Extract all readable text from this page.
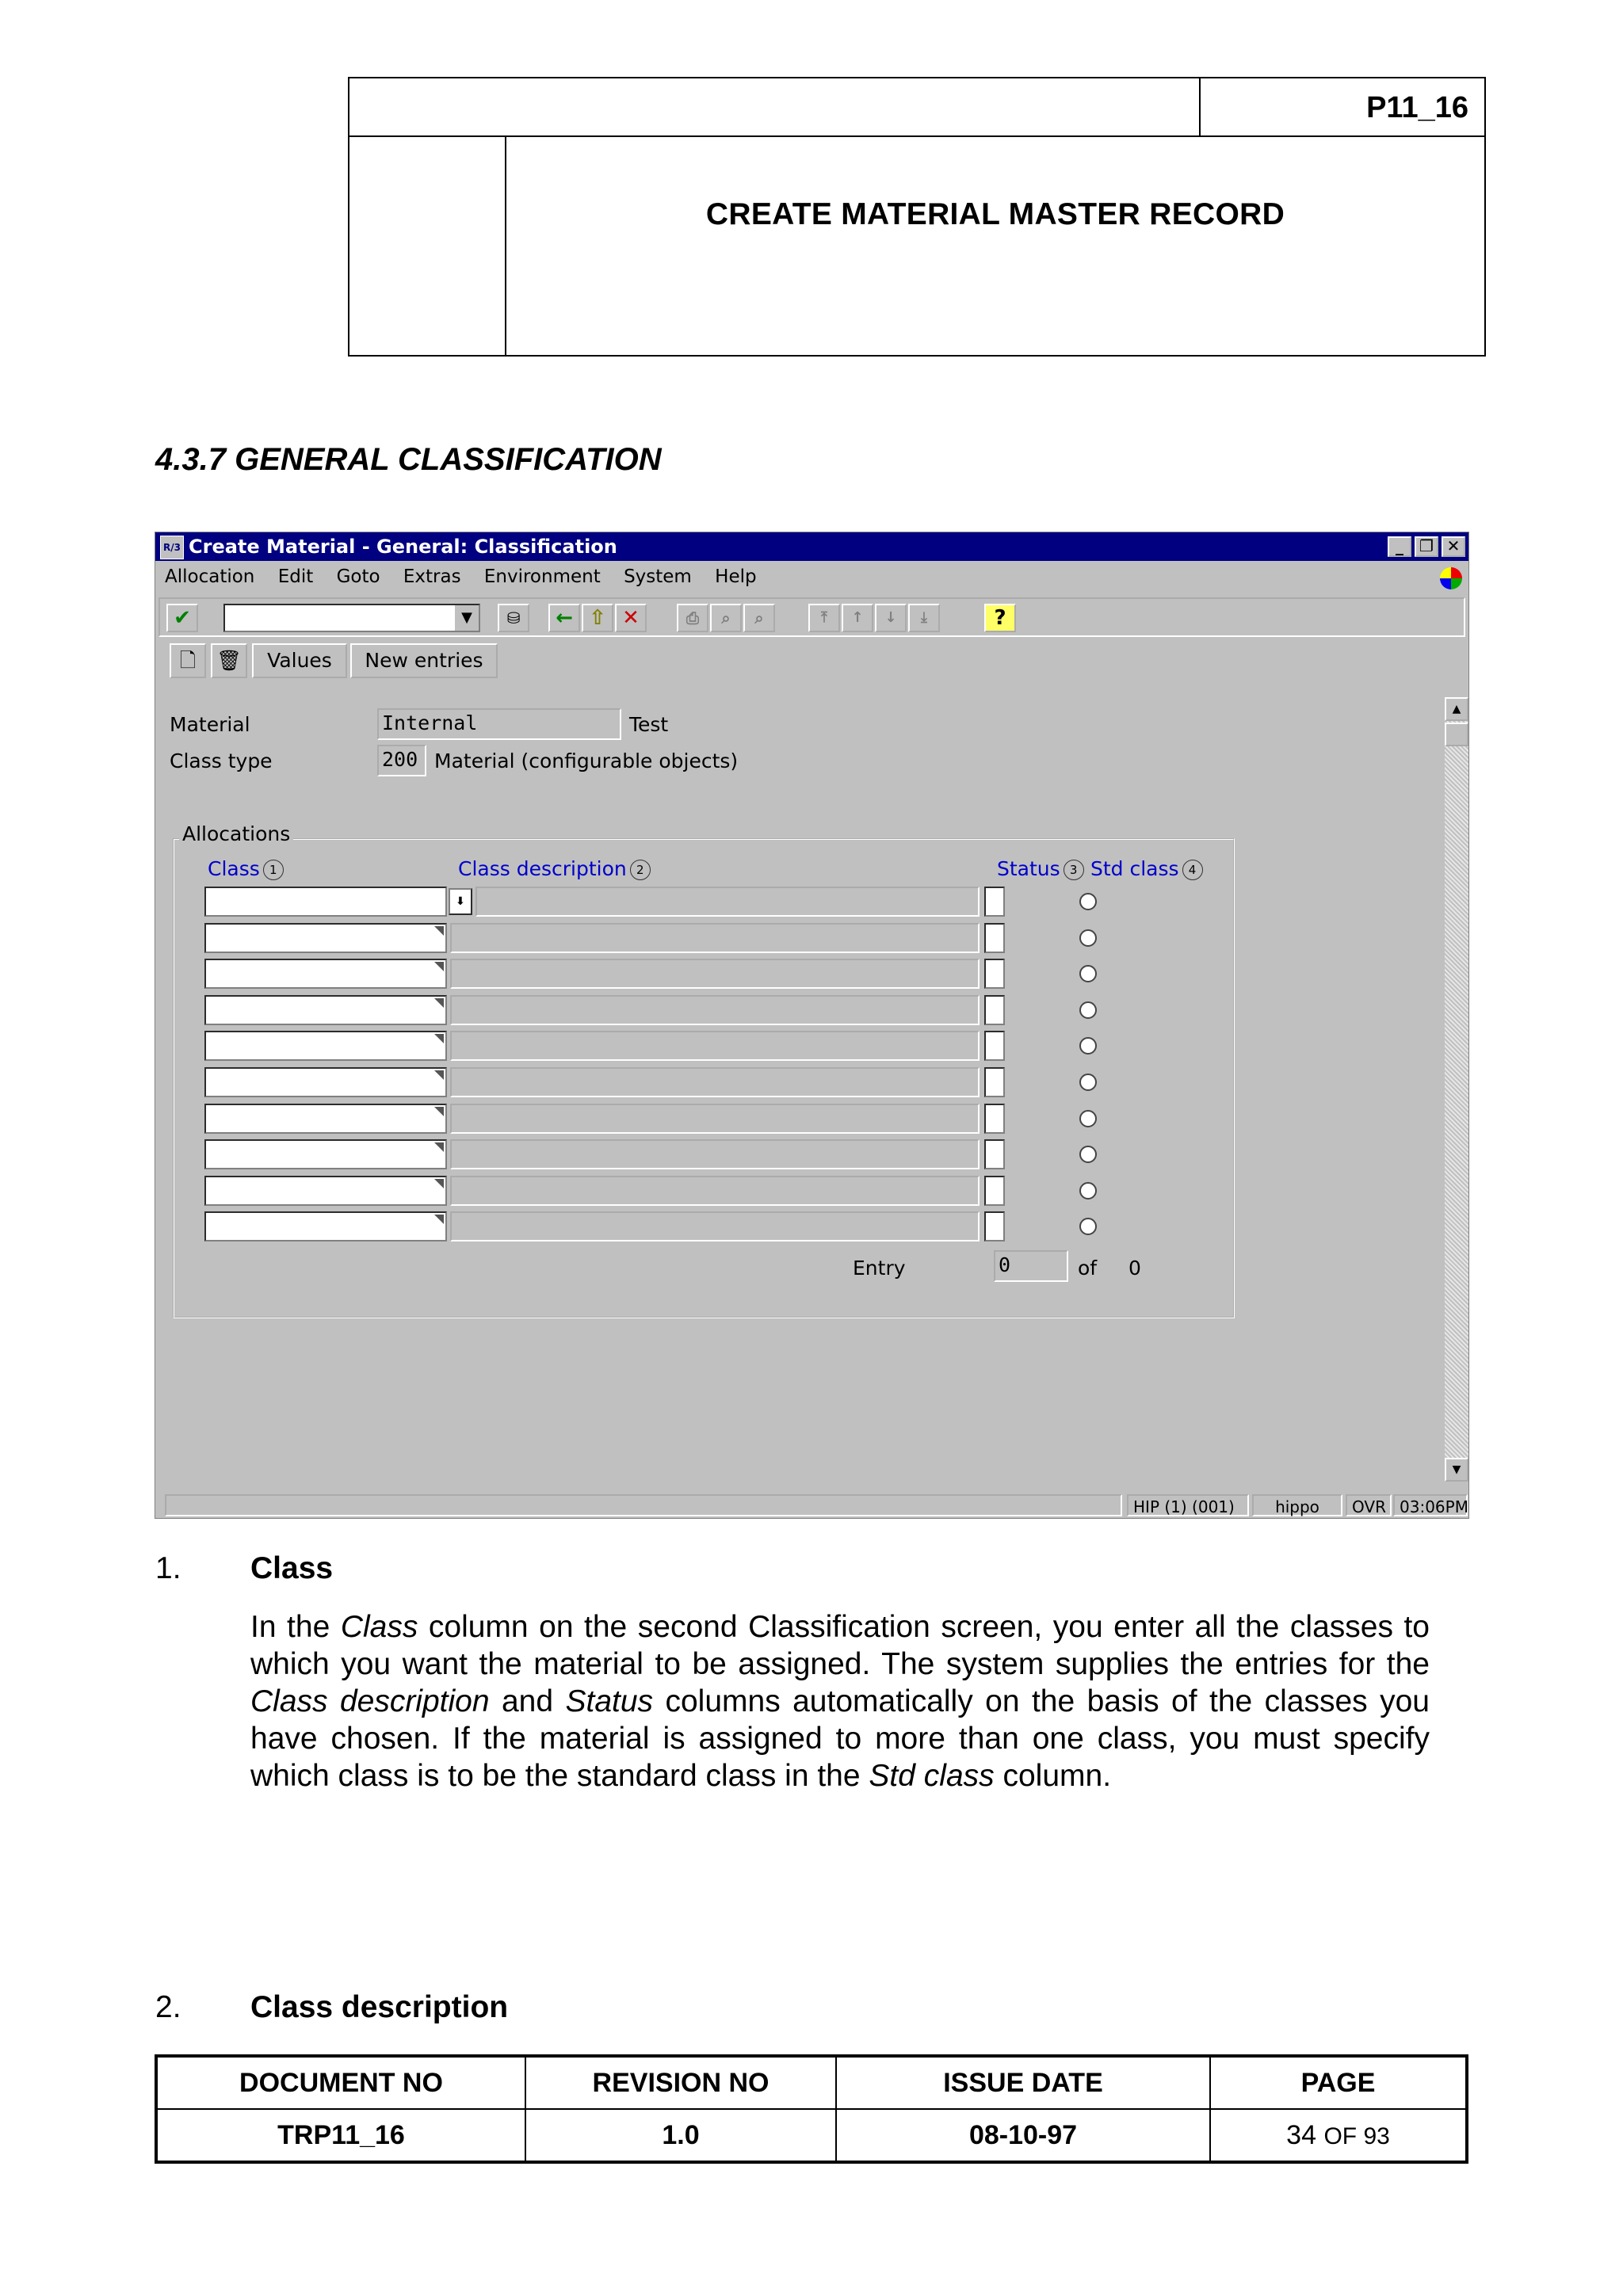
P11_16
CREATE MATERIAL MASTER RECORD
4.3.7 GENERAL CLASSIFICATION
R/3 Create Material - General: Classification	_	❐ ✕
Allocation Edit Goto Extras Environment System Help
✔	▼	⛁	← ⇧ ✕	⎙	⌕	⌕	⤒	↑	↓	⤓	?
🗋	🗑	Values	New entries
Material	Internal	Test
Class type	200 Material (configurable objects)
Allocations
Class 1	Class description 2	Status 3 Std class 4
⬇
Entry	0	of 0
▲
▼
HIP (1) (001)	hippo	OVR 03:06PM
1. Class
In the Class column on the second Classification screen, you enter all the classes to which you want the material to be assigned. The system supplies the entries for the Class description and Status columns automatically on the basis of the classes you have chosen. If the material is assigned to more than one class, you must specify which class is to be the standard class in the Std class column.
2. Class description
DOCUMENT NO	REVISION NO	ISSUE DATE	PAGE
TRP11_16	1.0	08-10-97	34 OF 93
